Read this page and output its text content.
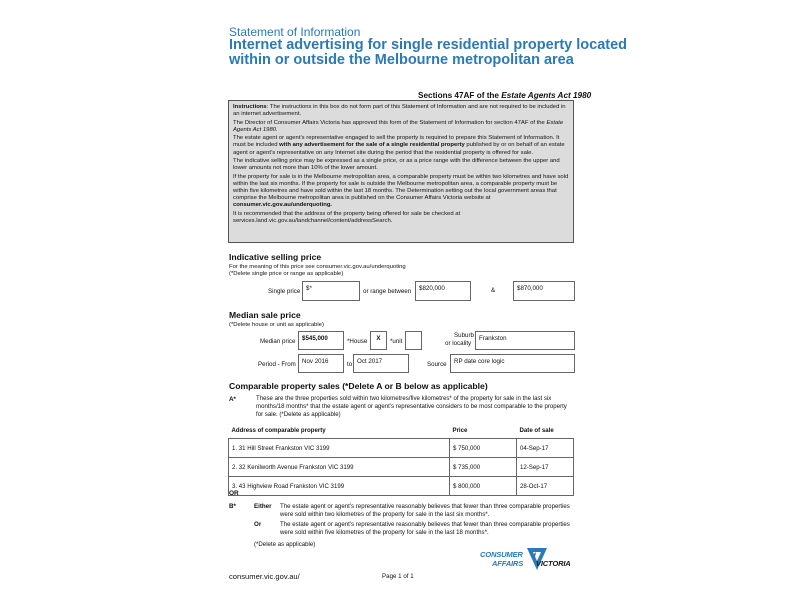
Statement of Information
Internet advertising for single residential property located within or outside the Melbourne metropolitan area
Sections 47AF of the Estate Agents Act 1980

Instructions: The instructions in this box do not form part of this Statement of Information and are not required to be included in an internet advertisement.

The Director of Consumer Affairs Victoria has approved this form of the Statement of Information for section 47AF of the Estate Agents Act 1980.

The estate agent or agent’s representative engaged to sell the property is required to prepare this Statement of Information. It must be included with any advertisement for the sale of a single residential property published by or on behalf of an estate agent or agent’s representative on any Internet site during the period that the residential property is offered for sale.

The indicative selling price may be expressed as a single price, or as a price range with the difference between the upper and lower amounts not more than 10% of the lower amount.

If the property for sale is in the Melbourne metropolitan area, a comparable property must be within two kilometres and have sold within the last six months. If the property for sale is outside the Melbourne metropolitan area, a comparable property must be within five kilometres and have sold within the last 18 months. The Determination setting out the local government areas that comprise the Melbourne metropolitan area is published on the Consumer Affairs Victoria website at consumer.vic.gov.au/underquoting.

It is recommended that the address of the property being offered for sale be checked at services.land.vic.gov.au/landchannel/content/addressSearch.

Indicative selling price
For the meaning of this price see consumer.vic.gov.au/underquoting
(*Delete single price or range as applicable)
Single price $*	or range between	$820,000	&	$870,000
Median sale price
(*Delete house or unit as applicable)
Median price	$545,000	*House	X	*unit
Suburb
or locality
Frankston
Period - From Nov 2016	to Oct 2017	Source	RP date core logic
Comparable property sales (*Delete A or B below as applicable)
A*	These are the three properties sold within two kilometres/five kilometres* of the property for sale in the last six months/18 months* that the estate agent or agent’s representative considers to be most comparable to the property for sale. (*Delete as applicable)
Address of comparable property	Price	Date of sale
1. 31 Hill Street Frankston VIC 3199	$ 750,000	04-Sep-17
2. 32 Kenilworth Avenue Frankston VIC 3199	$ 735,000	12-Sep-17
3. 43 Highview Road Frankston VIC 3199	$ 800,000	28-Oct-17
OR
B*	Either The estate agent or agent’s representative reasonably believes that fewer than three comparable properties were sold within two kilometres of the property for sale in the last six months*.
Or	The estate agent or agent’s representative reasonably believes that fewer than three comparable properties were sold within five kilometres of the property for sale in the last 18 months*.
(*Delete as applicable)
CONSUMER
AFFAIRS VICTORIA
consumer.vic.gov.au/	Page 1 of 1
